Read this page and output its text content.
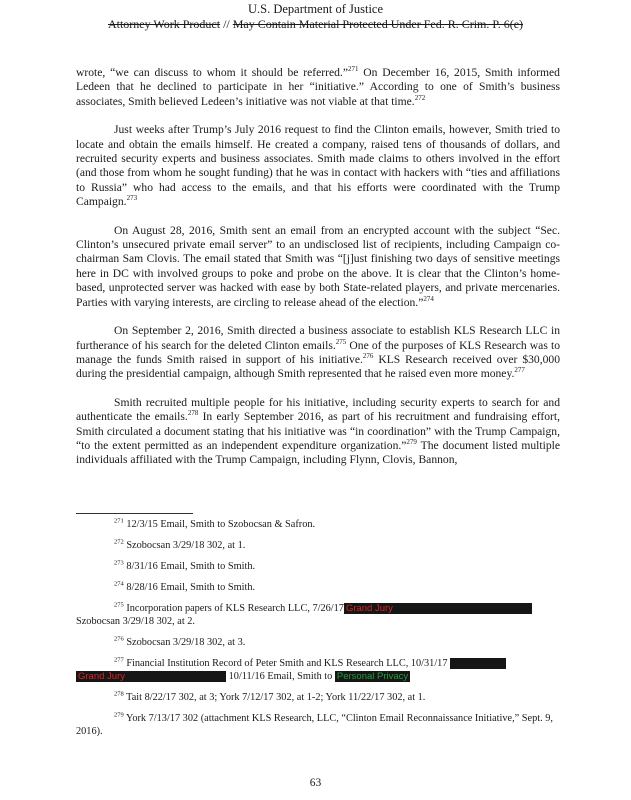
U.S. Department of Justice
Attorney Work Product // May Contain Material Protected Under Fed. R. Crim. P. 6(e)

wrote, “we can discuss to whom it should be referred.”$^{271}$ On December 16, 2015, Smith informed Ledeen that he declined to participate in her “initiative.” According to one of Smith’s business associates, Smith believed Ledeen’s initiative was not viable at that time.$^{272}$

Just weeks after Trump’s July 2016 request to find the Clinton emails, however, Smith tried to locate and obtain the emails himself. He created a company, raised tens of thousands of dollars, and recruited security experts and business associates. Smith made claims to others involved in the effort (and those from whom he sought funding) that he was in contact with hackers with “ties and affiliations to Russia” who had access to the emails, and that his efforts were coordinated with the Trump Campaign.$^{273}$

On August 28, 2016, Smith sent an email from an encrypted account with the subject “Sec. Clinton’s unsecured private email server” to an undisclosed list of recipients, including Campaign co-chairman Sam Clovis. The email stated that Smith was “[j]ust finishing two days of sensitive meetings here in DC with involved groups to poke and probe on the above. It is clear that the Clinton’s home-based, unprotected server was hacked with ease by both State-related players, and private mercenaries. Parties with varying interests, are circling to release ahead of the election.”$^{274}$

On September 2, 2016, Smith directed a business associate to establish KLS Research LLC in furtherance of his search for the deleted Clinton emails.$^{275}$ One of the purposes of KLS Research was to manage the funds Smith raised in support of his initiative.$^{276}$ KLS Research received over $30,000 during the presidential campaign, although Smith represented that he raised even more money.$^{277}$

Smith recruited multiple people for his initiative, including security experts to search for and authenticate the emails.$^{278}$ In early September 2016, as part of his recruitment and fundraising effort, Smith circulated a document stating that his initiative was “in coordination” with the Trump Campaign, “to the extent permitted as an independent expenditure organization.”$^{279}$ The document listed multiple individuals affiliated with the Trump Campaign, including Flynn, Clovis, Bannon,

$^{271}$ 12/3/15 Email, Smith to Szobocsan & Safron.

$^{272}$ Szobocsan 3/29/18 302, at 1.

$^{273}$ 8/31/16 Email, Smith to Smith.

$^{274}$ 8/28/16 Email, Smith to Smith.

$^{275}$ Incorporation papers of KLS Research LLC, 7/26/17 Grand Jury
Szobocsan 3/29/18 302, at 2.

$^{276}$ Szobocsan 3/29/18 302, at 3.

$^{277}$ Financial Institution Record of Peter Smith and KLS Research LLC, 10/31/17
Grand Jury	10/11/16 Email, Smith to Personal Privacy

$^{278}$ Tait 8/22/17 302, at 3; York 7/12/17 302, at 1-2; York 11/22/17 302, at 1.

$^{279}$ York 7/13/17 302 (attachment KLS Research, LLC, “Clinton Email Reconnaissance Initiative,” Sept. 9, 2016).

63
